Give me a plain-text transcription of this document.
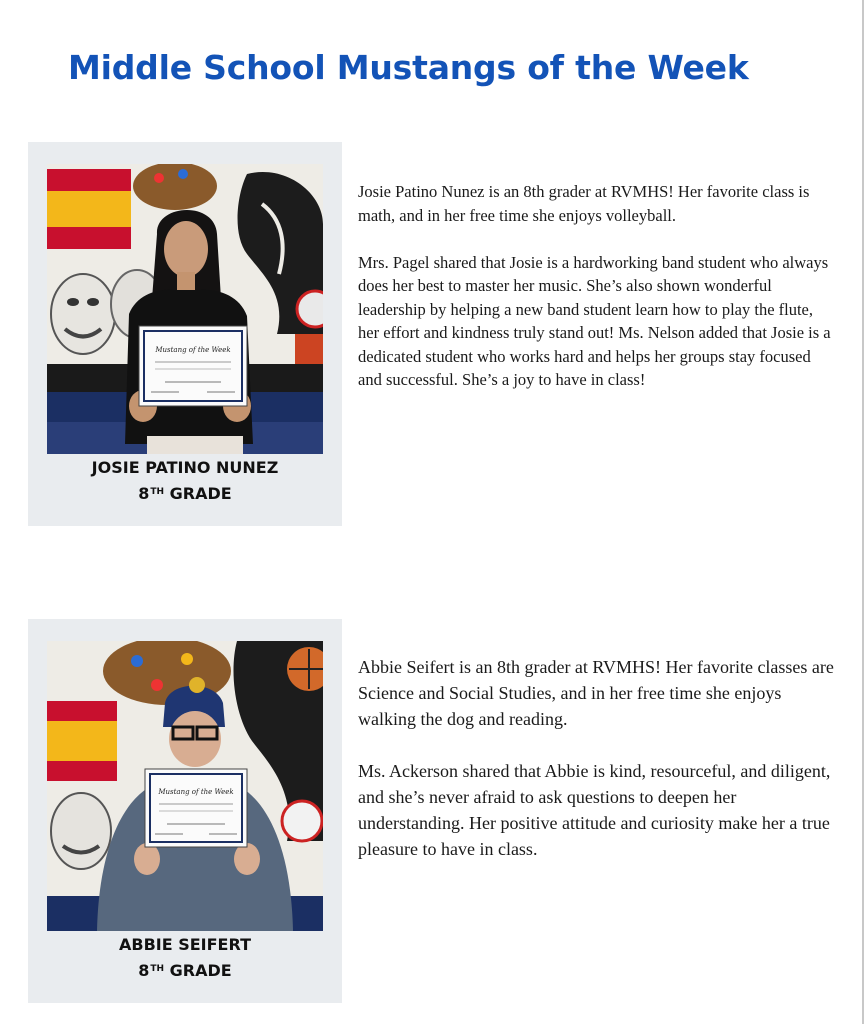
Middle School Mustangs of the Week
Mustang of the Week
JOSIE PATINO NUNEZ
8TH GRADE

Josie Patino Nunez is an 8th grader at RVMHS! Her favorite class is math, and in her free time she enjoys volleyball.

Mrs. Pagel shared that Josie is a hardworking band student who always does her best to master her music. She’s also shown wonderful leadership by helping a new band student learn how to play the flute, her effort and kindness truly stand out! Ms. Nelson added that Josie is a dedicated student who works hard and helps her groups stay focused and successful. She’s a joy to have in class!

Mustang of the Week
ABBIE SEIFERT
8TH GRADE

Abbie Seifert is an 8th grader at RVMHS! Her favorite classes are Science and Social Studies, and in her free time she enjoys walking the dog and reading.

Ms. Ackerson shared that Abbie is kind, resourceful, and diligent, and she’s never afraid to ask questions to deepen her understanding. Her positive attitude and curiosity make her a true pleasure to have in class.
